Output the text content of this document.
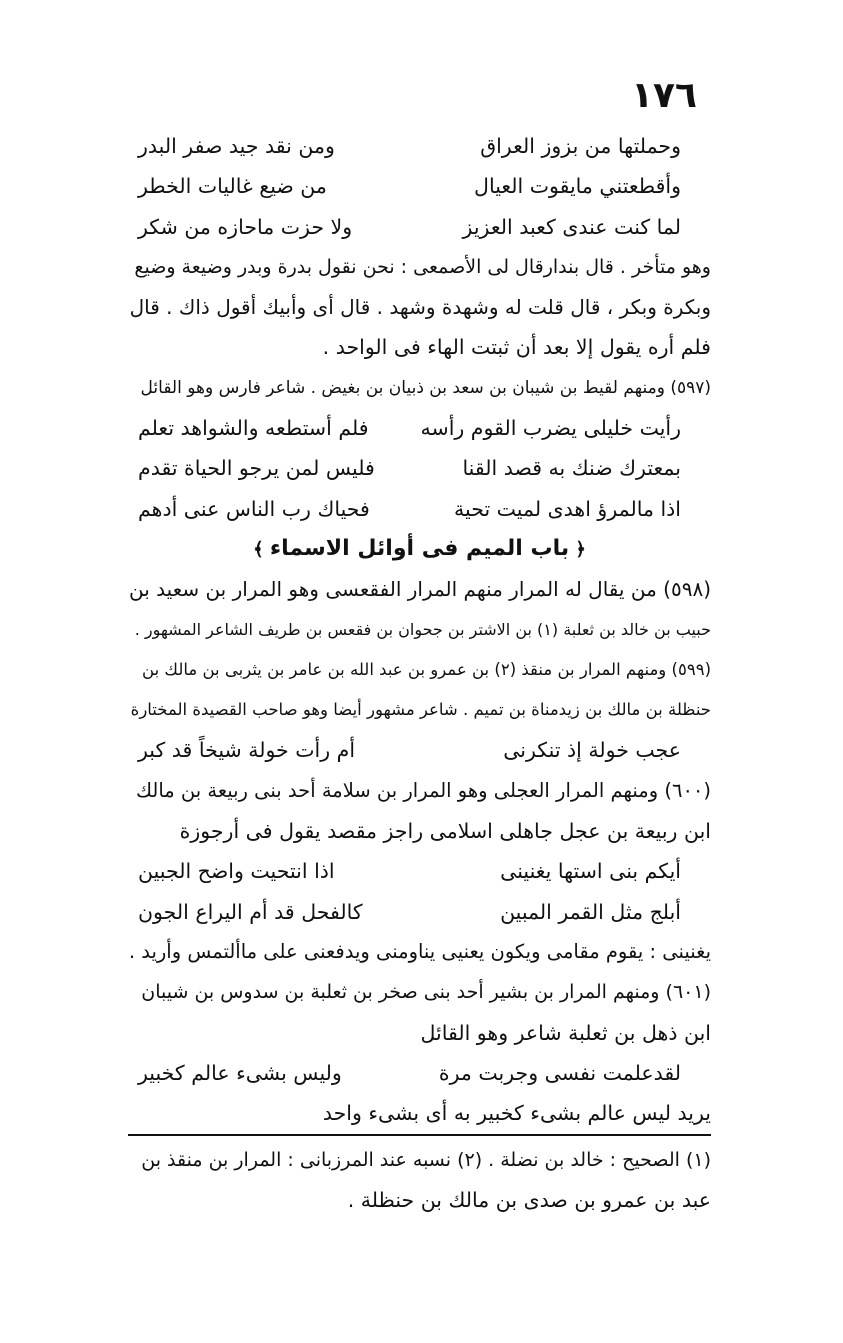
١٧٦
وحملتها من بزوز العراق
ومن نقد جيد صفر البدر
وأقطعتني مايقوت العيال
من ضيع غاليات الخطر
لما كنت عندى كعبد العزيز
ولا حزت ماحازه من شكر
وهو متأخر . قال بندارقال لى الأصمعى : نحن نقول بدرة وبدر وضيعة وضيع
وبكرة وبكر ، قال قلت له وشهدة وشهد . قال أى وأبيك أقول ذاك . قال
فلم أره يقول إلا بعد أن ثبتت الهاء فى الواحد .
(٥٩٧) ومنهم لقيط بن شيبان بن سعد بن ذبيان بن بغيض . شاعر فارس وهو القائل
رأيت خليلى يضرب القوم رأسه
فلم أستطعه والشواهد تعلم
بمعترك ضنك به قصد القنا
فليس لمن يرجو الحياة تقدم
اذا مالمرؤ اهدى لميت تحية
فحياك رب الناس عنى أدهم
﴿ باب الميم فى أوائل الاسماء ﴾
(٥٩٨) من يقال له المرار منهم المرار الفقعسى وهو المرار بن سعيد بن
حبيب بن خالد بن ثعلبة (١) بن الاشتر بن جحوان بن فقعس بن طريف الشاعر المشهور .
(٥٩٩) ومنهم المرار بن منقذ (٢) بن عمرو بن عبد الله بن عامر بن يثربى بن مالك بن
حنظلة بن مالك بن زيدمناة بن تميم . شاعر مشهور أيضا وهو صاحب القصيدة المختارة
عجب خولة إذ تنكرنى
أم رأت خولة شيخاً قد كبر
(٦٠٠) ومنهم المرار العجلى وهو المرار بن سلامة أحد بنى ربيعة بن مالك
ابن ربيعة بن عجل جاهلى اسلامى راجز مقصد يقول فى أرجوزة
أيكم بنى استها يغنينى
اذا انتحيت واضح الجبين
أبلج مثل القمر المبين
كالفحل قد أم اليراع الجون
يغنينى : يقوم مقامى ويكون يعنيى يناومنى ويدفعنى على ماألتمس وأريد .
(٦٠١) ومنهم المرار بن بشير أحد بنى صخر بن ثعلبة بن سدوس بن شيبان
ابن ذهل بن ثعلبة شاعر وهو القائل
لقدعلمت نفسى وجربت مرة
وليس بشىء عالم كخبير
يريد ليس عالم بشىء كخبير به أى بشىء واحد
(١) الصحيح : خالد بن نضلة . (٢) نسبه عند المرزبانى : المرار بن منقذ بن
عبد بن عمرو بن صدى بن مالك بن حنظلة .
